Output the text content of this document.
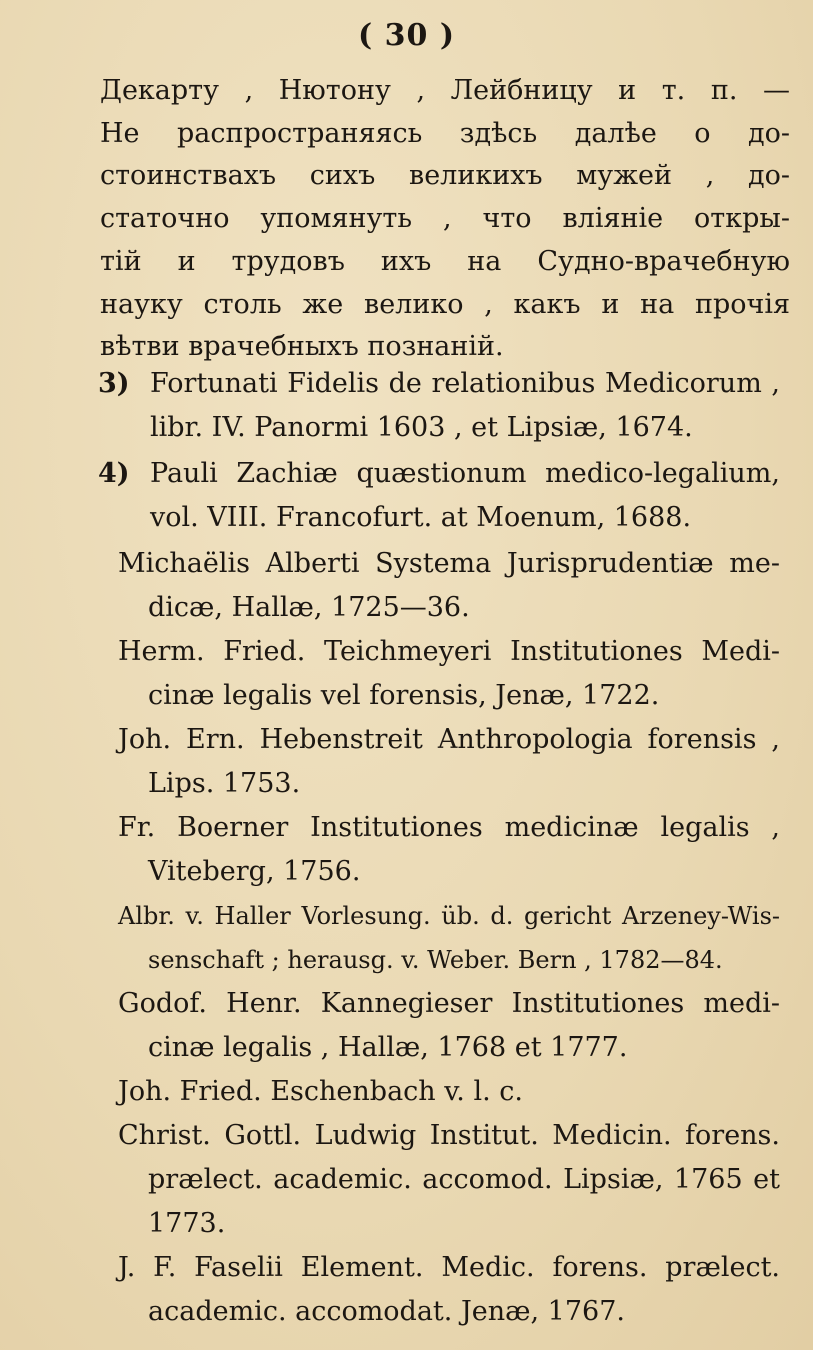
( 30 )
Декарту , Нютону , Лейбницу и т. п. —
Не распространяясь здѣсь далѣе о до-
стоинствахъ сихъ великихъ мужей , до-
статочно упомянуть , что вліяніе откры-
тій и трудовъ ихъ на Судно-врачебную
науку столь же велико , какъ и на прочія
вѣтви врачебныхъ познаній.
3) Fortunati Fidelis de relationibus Medicorum ,
libr. IV. Panormi 1603 , et Lipsiæ, 1674.
4) Pauli Zachiæ quæstionum medico-legalium,
vol. VIII. Francofurt. at Moenum, 1688.
Michaëlis Alberti Systema Jurisprudentiæ me-
dicæ, Hallæ, 1725—36.
Herm. Fried. Teichmeyeri Institutiones Medi-
cinæ legalis vel forensis, Jenæ, 1722.
Joh. Ern. Hebenstreit Anthropologia forensis ,
Lips. 1753.
Fr. Boerner Institutiones medicinæ legalis ,
Viteberg, 1756.
Albr. v. Haller Vorlesung. üb. d. gericht Arzeney-Wis-
senschaft ; herausg. v. Weber. Bern , 1782—84.
Godof. Henr. Kannegieser Institutiones medi-
cinæ legalis , Hallæ, 1768 et 1777.
Joh. Fried. Eschenbach v. l. c.
Christ. Gottl. Ludwig Institut. Medicin. forens.
prælect. academic. accomod. Lipsiæ, 1765 et
1773.
J. F. Faselii Element. Medic. forens. prælect.
academic. accomodat. Jenæ, 1767.
